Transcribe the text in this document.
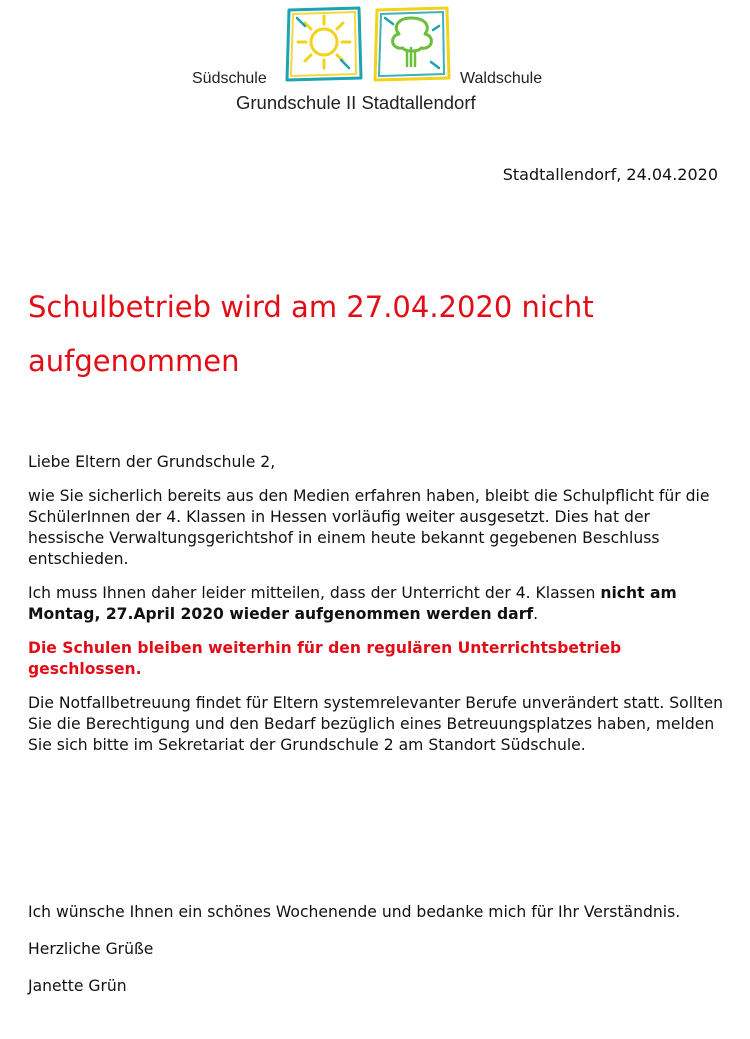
Südschule	Waldschule
Grundschule II Stadtallendorf
Stadtallendorf, 24.04.2020
Schulbetrieb wird am 27.04.2020 nicht aufgenommen

Liebe Eltern der Grundschule 2,

wie Sie sicherlich bereits aus den Medien erfahren haben, bleibt die Schulpflicht für die SchülerInnen der 4. Klassen in Hessen vorläufig weiter ausgesetzt. Dies hat der hessische Verwaltungsgerichtshof in einem heute bekannt gegebenen Beschluss entschieden.

Ich muss Ihnen daher leider mitteilen, dass der Unterricht der 4. Klassen nicht am Montag, 27.April 2020 wieder aufgenommen werden darf.

Die Schulen bleiben weiterhin für den regulären Unterrichtsbetrieb geschlossen.

Die Notfallbetreuung findet für Eltern systemrelevanter Berufe unverändert statt. Sollten Sie die Berechtigung und den Bedarf bezüglich eines Betreuungsplatzes haben, melden Sie sich bitte im Sekretariat der Grundschule 2 am Standort Südschule.

Ich wünsche Ihnen ein schönes Wochenende und bedanke mich für Ihr Verständnis.

Herzliche Grüße

Janette Grün
